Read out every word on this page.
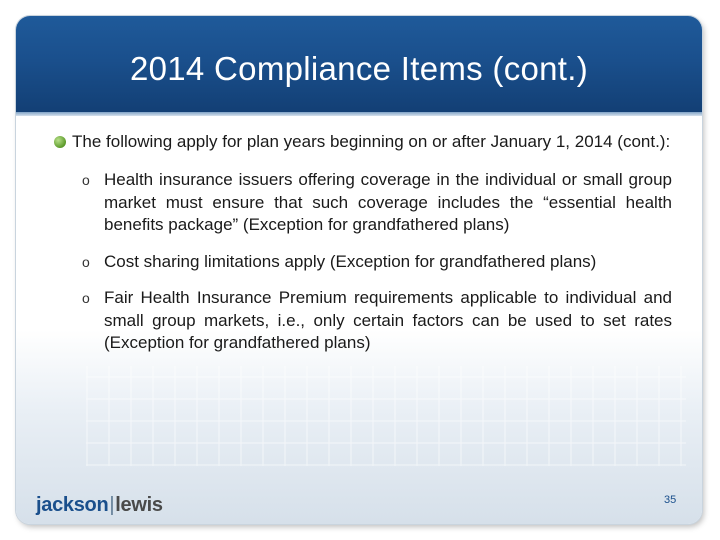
2014 Compliance Items (cont.)
The following apply for plan years beginning on or after January 1, 2014 (cont.):
o Health insurance issuers offering coverage in the individual or small group market must ensure that such coverage includes the “essential health benefits package” (Exception for grandfathered plans)
o Cost sharing limitations apply (Exception for grandfathered plans)
o Fair Health Insurance Premium requirements applicable to individual and small group markets, i.e., only certain factors can be used to set rates (Exception for grandfathered plans)
jackson|lewis	35
